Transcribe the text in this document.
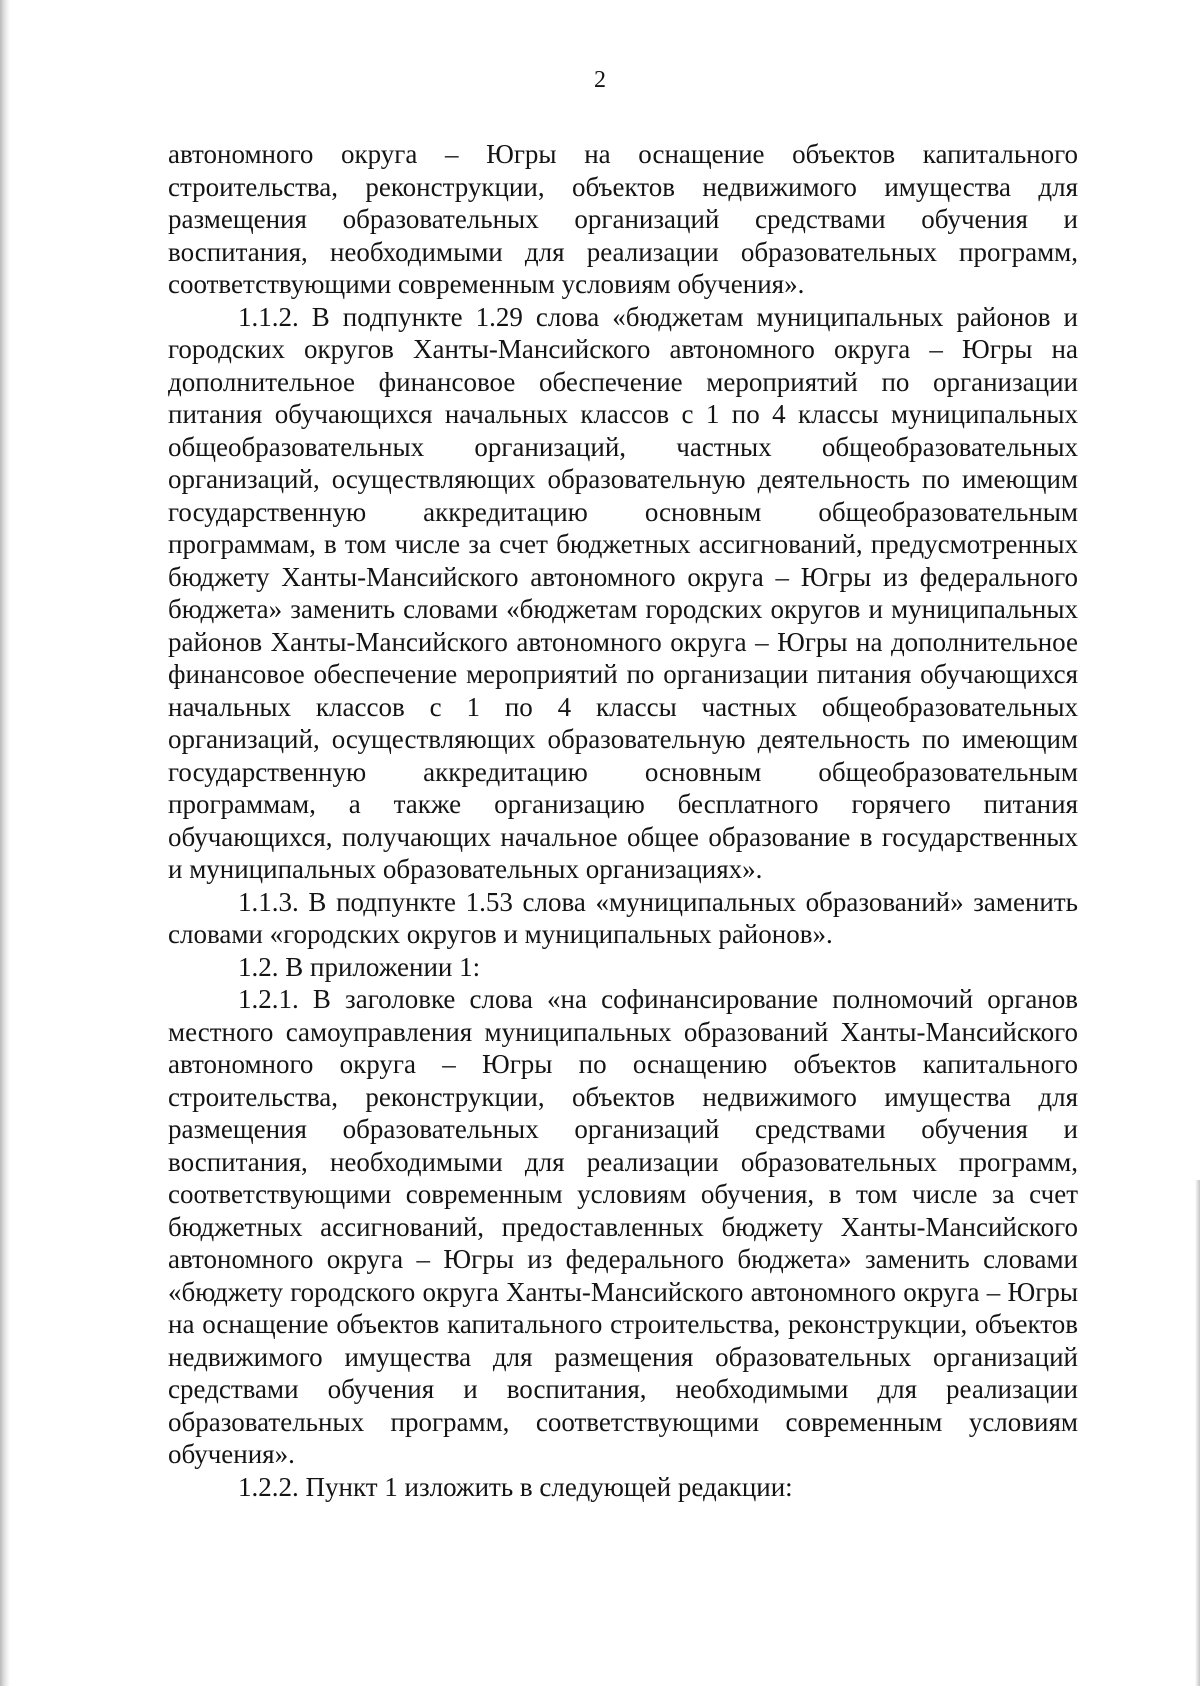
2

автономного округа – Югры на оснащение объектов капитального строительства, реконструкции, объектов недвижимого имущества для размещения образовательных организаций средствами обучения и воспитания, необходимыми для реализации образовательных программ, соответствующими современным условиям обучения».

1.1.2. В подпункте 1.29 слова «бюджетам муниципальных районов и городских округов Ханты-Мансийского автономного округа – Югры на дополнительное финансовое обеспечение мероприятий по организации питания обучающихся начальных классов с 1 по 4 классы муниципальных общеобразовательных организаций, частных общеобразовательных организаций, осуществляющих образовательную деятельность по имеющим государственную аккредитацию основным общеобразовательным программам, в том числе за счет бюджетных ассигнований, предусмотренных бюджету Ханты-Мансийского автономного округа – Югры из федерального бюджета» заменить словами «бюджетам городских округов и муниципальных районов Ханты-Мансийского автономного округа – Югры на дополнительное финансовое обеспечение мероприятий по организации питания обучающихся начальных классов с 1 по 4 классы частных общеобразовательных организаций, осуществляющих образовательную деятельность по имеющим государственную аккредитацию основным общеобразовательным программам, а также организацию бесплатного горячего питания обучающихся, получающих начальное общее образование в государственных и муниципальных образовательных организациях».

1.1.3. В подпункте 1.53 слова «муниципальных образований» заменить словами «городских округов и муниципальных районов».

1.2. В приложении 1:

1.2.1. В заголовке слова «на софинансирование полномочий органов местного самоуправления муниципальных образований Ханты-Мансийского автономного округа – Югры по оснащению объектов капитального строительства, реконструкции, объектов недвижимого имущества для размещения образовательных организаций средствами обучения и воспитания, необходимыми для реализации образовательных программ, соответствующими современным условиям обучения, в том числе за счет бюджетных ассигнований, предоставленных бюджету Ханты-Мансийского автономного округа – Югры из федерального бюджета» заменить словами «бюджету городского округа Ханты-Мансийского автономного округа – Югры на оснащение объектов капитального строительства, реконструкции, объектов недвижимого имущества для размещения образовательных организаций средствами обучения и воспитания, необходимыми для реализации образовательных программ, соответствующими современным условиям обучения».

1.2.2. Пункт 1 изложить в следующей редакции:
